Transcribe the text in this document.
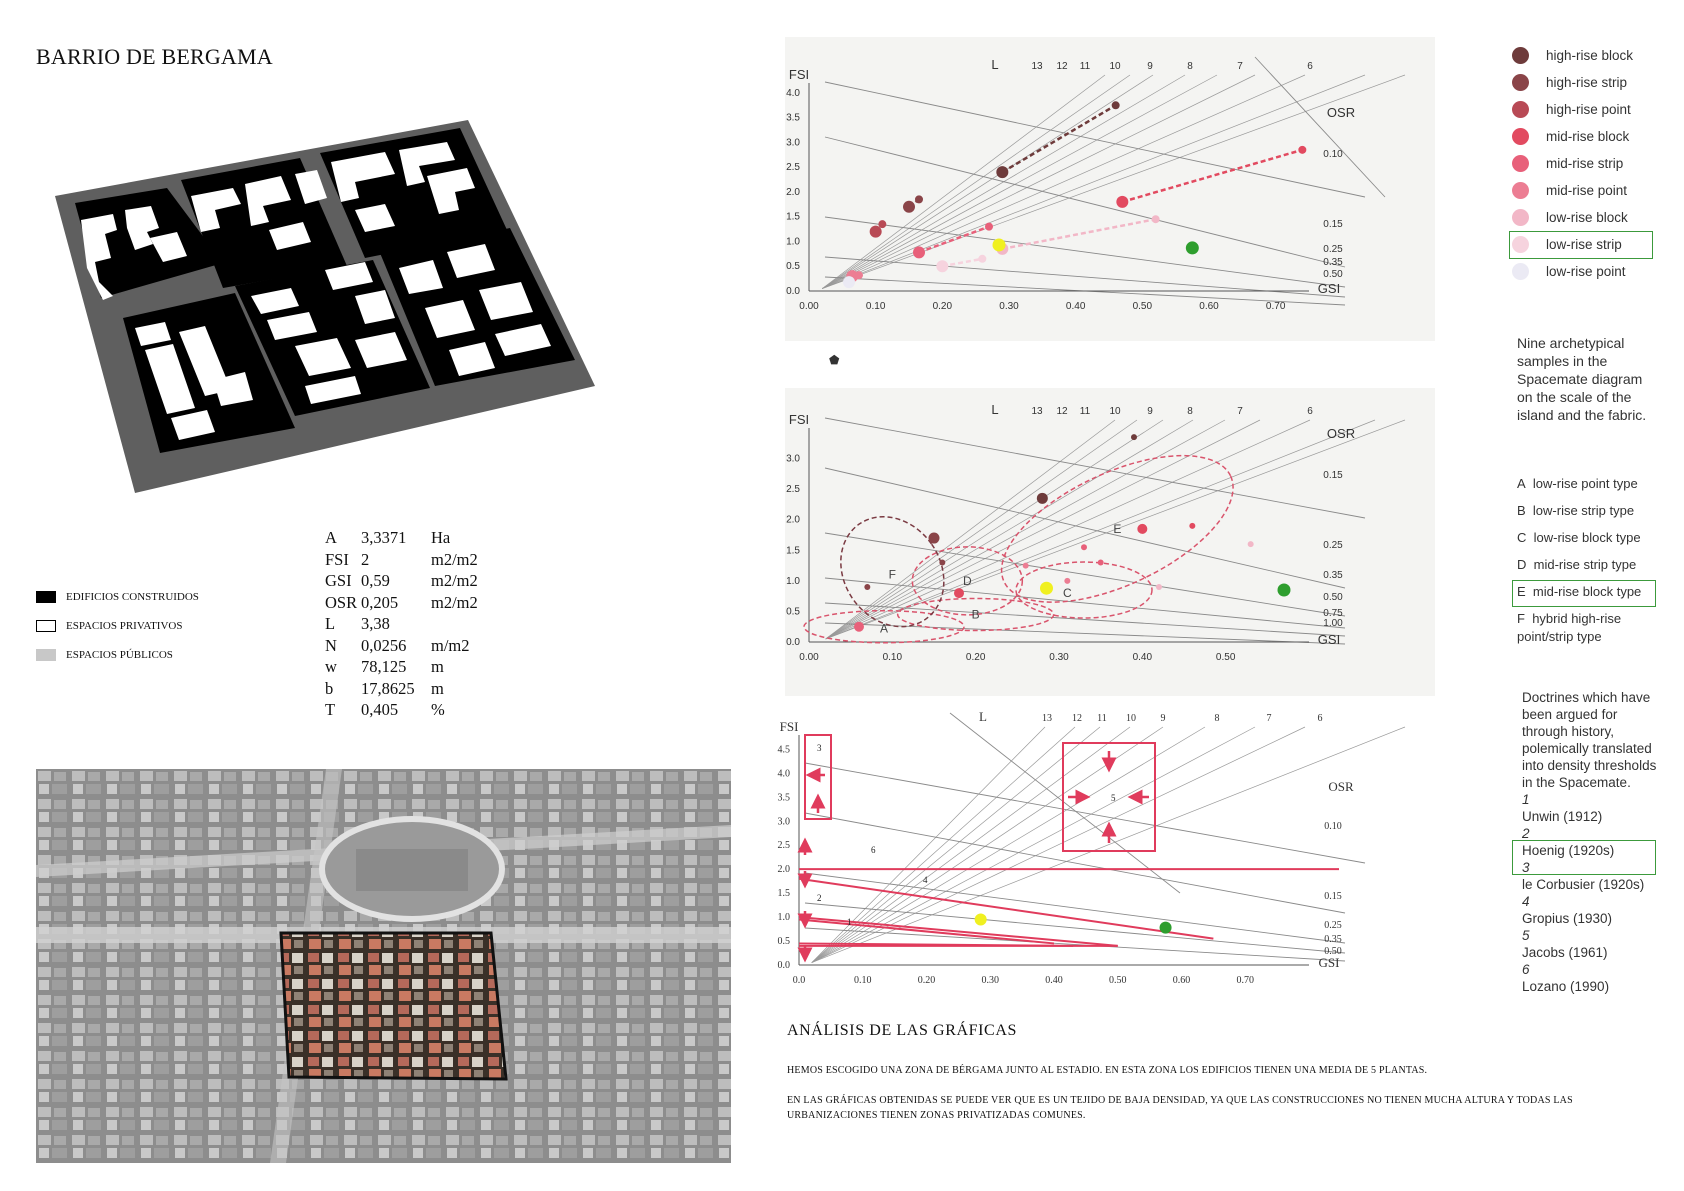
BARRIO DE BERGAMA
EDIFICIOS CONSTRUIDOS
ESPACIOS PRIVATIVOS
ESPACIOS PÚBLICOS
A	3,3371	Ha
FSI	2	m2/m2
GSI	0,59	m2/m2
OSR	0,205	m2/m2
L	3,38	
N	0,0256	m/m2
w	78,125	m
b	17,8625	m
T	0,405	%
0.00	0.10	0.20	0.30	0.40	0.50	0.60	0.70
0.0
0.5
1.0
1.5
2.0
2.5
3.0
3.5
4.0
GSI
FSI
L	13 12 11 10	9	8	7	6
OSR
0.10
0.15
0.25
0.35
0.50
⬟
0.00	0.10	0.20	0.30	0.40	0.50
0.0
0.5
1.0
1.5
2.0
2.5
3.0
GSI
FSI
L	13 12 11 10	9	8	7	6
OSR
0.15
0.25
0.35
0.50
0.75
1.00
A
B
C
D
E
F
0.0	0.10	0.20	0.30	0.40	0.50	0.60	0.70
0.0
0.5
1.0
1.5
2.0
2.5
3.0
3.5
4.0
4.5
GSI
FSI
L	13 12 11 10 9	8	7	6
OSR
0.10
0.15
0.25
0.35
0.50
1
2
3
4
5
6
high-rise block
high-rise strip
high-rise point
mid-rise block
mid-rise strip
mid-rise point
low-rise block
low-rise strip
low-rise point
Nine archetypical samples in the Spacemate diagram on the scale of the island and the fabric.
A low-rise point type
B low-rise strip type
C low-rise block type
D mid-rise strip type
E mid-rise block type
F hybrid high-rise point/strip type
Doctrines which have been argued for through history, polemically translated into density thresholds in the Spacemate.
1
Unwin (1912)
2
Hoenig (1920s)
3
le Corbusier (1920s)
4
Gropius (1930)
5
Jacobs (1961)
6
Lozano (1990)
ANÁLISIS DE LAS GRÁFICAS
HEMOS ESCOGIDO UNA ZONA DE BÉRGAMA JUNTO AL ESTADIO. EN ESTA ZONA LOS EDIFICIOS TIENEN UNA MEDIA DE 5 PLANTAS.
EN LAS GRÁFICAS OBTENIDAS SE PUEDE VER QUE ES UN TEJIDO DE BAJA DENSIDAD, YA QUE LAS CONSTRUCCIONES NO TIENEN MUCHA ALTURA Y TODAS LAS URBANIZACIONES TIENEN ZONAS PRIVATIZADAS COMUNES.
